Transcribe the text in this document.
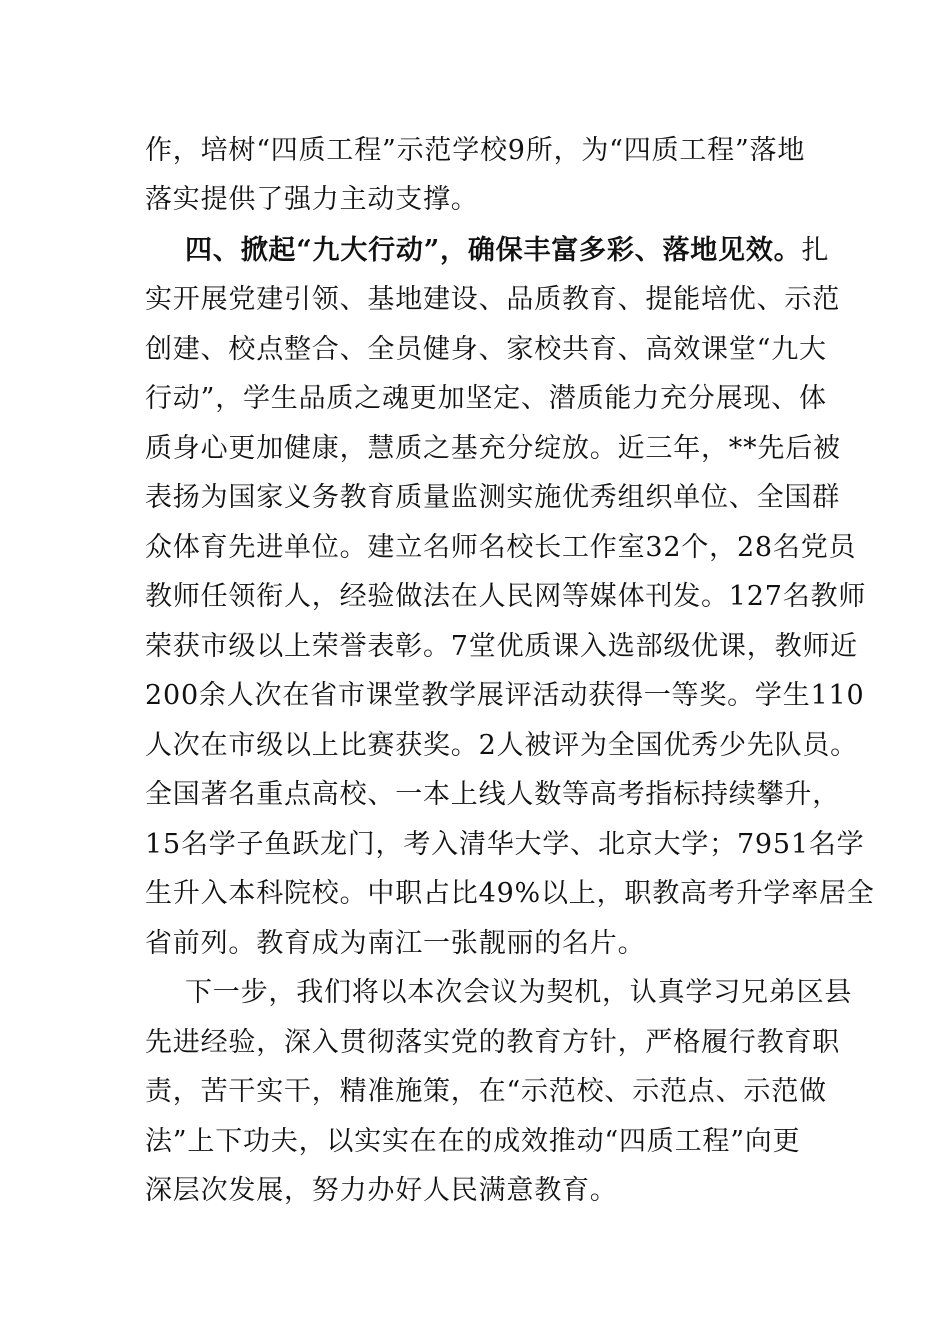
作，培树“四质工程”示范学校9所，为“四质工程”落地
落实提供了强力主动支撑。
四、掀起“九大行动”，确保丰富多彩、落地见效。扎
实开展党建引领、基地建设、品质教育、提能培优、示范
创建、校点整合、全员健身、家校共育、高效课堂“九大
行动”，学生品质之魂更加坚定、潜质能力充分展现、体
质身心更加健康，慧质之基充分绽放。近三年，**先后被
表扬为国家义务教育质量监测实施优秀组织单位、全国群
众体育先进单位。建立名师名校长工作室32个，28名党员
教师任领衔人，经验做法在人民网等媒体刊发。127名教师
荣获市级以上荣誉表彰。7堂优质课入选部级优课，教师近
200余人次在省市课堂教学展评活动获得一等奖。学生110
人次在市级以上比赛获奖。2人被评为全国优秀少先队员。
全国著名重点高校、一本上线人数等高考指标持续攀升，
15名学子鱼跃龙门，考入清华大学、北京大学；7951名学
生升入本科院校。中职占比49%以上，职教高考升学率居全
省前列。教育成为南江一张靓丽的名片。
下一步，我们将以本次会议为契机，认真学习兄弟区县
先进经验，深入贯彻落实党的教育方针，严格履行教育职
责，苦干实干，精准施策，在“示范校、示范点、示范做
法”上下功夫，以实实在在的成效推动“四质工程”向更
深层次发展，努力办好人民满意教育。
